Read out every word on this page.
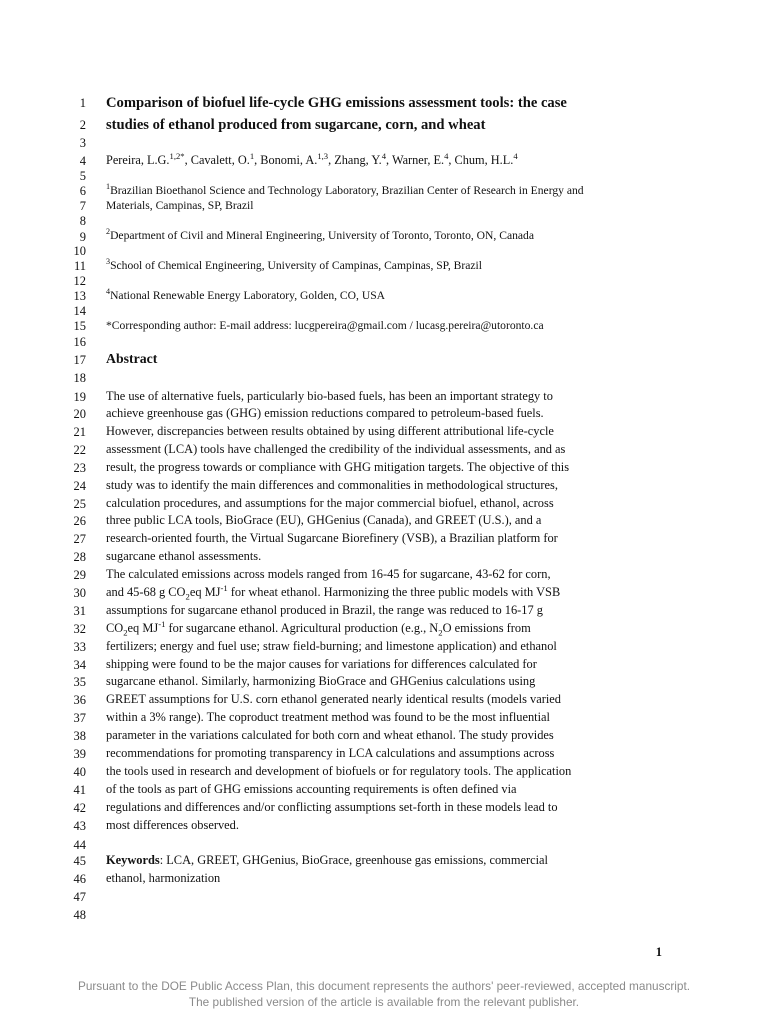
1
2
3
4
5
6
7
8
9
10
11
12
13
14
15
16
17
18
19
20
21
22
23
24
25
26
27
28
29
30
31
32
33
34
35
36
37
38
39
40
41
42
43
44
45
46
47
48
Comparison of biofuel life-cycle GHG emissions assessment tools: the case
studies of ethanol produced from sugarcane, corn, and wheat
Pereira, L.G.$^{1,2*}$, Cavalett, O.$^1$, Bonomi, A.$^{1,3}$, Zhang, Y.$^4$, Warner, E.$^4$, Chum, H.L.$^4$
$^1$Brazilian Bioethanol Science and Technology Laboratory, Brazilian Center of Research in Energy and
Materials, Campinas, SP, Brazil
$^2$Department of Civil and Mineral Engineering, University of Toronto, Toronto, ON, Canada
$^3$School of Chemical Engineering, University of Campinas, Campinas, SP, Brazil
$^4$National Renewable Energy Laboratory, Golden, CO, USA
*Corresponding author: E-mail address: lucgpereira@gmail.com / lucasg.pereira@utoronto.ca
Abstract
The use of alternative fuels, particularly bio-based fuels, has been an important strategy to
achieve greenhouse gas (GHG) emission reductions compared to petroleum-based fuels.
However, discrepancies between results obtained by using different attributional life-cycle
assessment (LCA) tools have challenged the credibility of the individual assessments, and as
result, the progress towards or compliance with GHG mitigation targets. The objective of this
study was to identify the main differences and commonalities in methodological structures,
calculation procedures, and assumptions for the major commercial biofuel, ethanol, across
three public LCA tools, BioGrace (EU), GHGenius (Canada), and GREET (U.S.), and a
research-oriented fourth, the Virtual Sugarcane Biorefinery (VSB), a Brazilian platform for
sugarcane ethanol assessments.
The calculated emissions across models ranged from 16-45 for sugarcane, 43-62 for corn,
and 45-68 g $CO_2eq$ $MJ^{-1}$ for wheat ethanol. Harmonizing the three public models with VSB
assumptions for sugarcane ethanol produced in Brazil, the range was reduced to 16-17 g
$CO_2eq$ $MJ^{-1}$ for sugarcane ethanol. Agricultural production (e.g., $N_2O$ emissions from
fertilizers; energy and fuel use; straw field-burning; and limestone application) and ethanol
shipping were found to be the major causes for variations for differences calculated for
sugarcane ethanol. Similarly, harmonizing BioGrace and GHGenius calculations using
GREET assumptions for U.S. corn ethanol generated nearly identical results (models varied
within a 3% range). The coproduct treatment method was found to be the most influential
parameter in the variations calculated for both corn and wheat ethanol. The study provides
recommendations for promoting transparency in LCA calculations and assumptions across
the tools used in research and development of biofuels or for regulatory tools. The application
of the tools as part of GHG emissions accounting requirements is often defined via
regulations and differences and/or conflicting assumptions set-forth in these models lead to
most differences observed.
Keywords: LCA, GREET, GHGenius, BioGrace, greenhouse gas emissions, commercial
ethanol, harmonization
1
Pursuant to the DOE Public Access Plan, this document represents the authors' peer-reviewed, accepted manuscript.
The published version of the article is available from the relevant publisher.
